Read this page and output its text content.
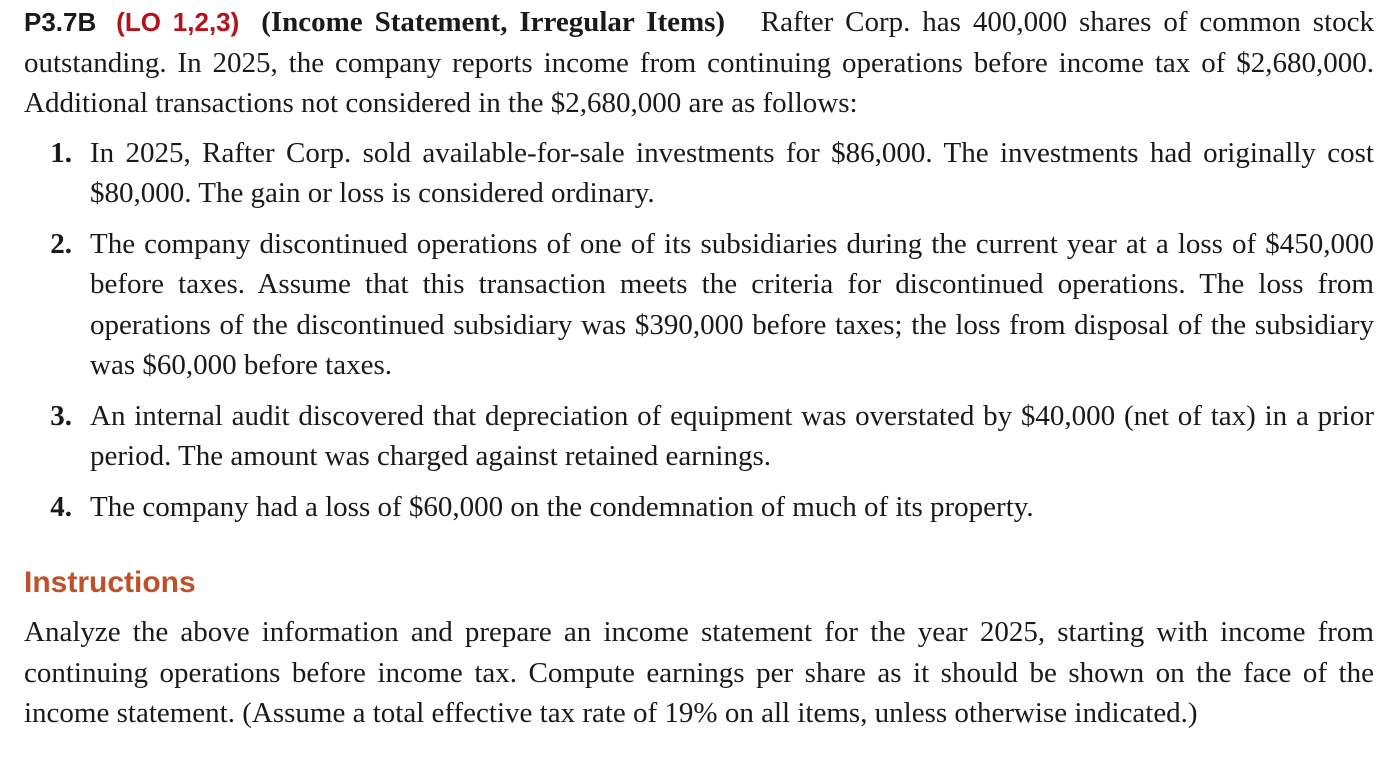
P3.7B (LO 1,2,3) (Income Statement, Irregular Items) Rafter Corp. has 400,000 shares of common stock outstanding. In 2025, the company reports income from continuing operations before income tax of $2,680,000. Additional transactions not considered in the $2,680,000 are as follows:

1. In 2025, Rafter Corp. sold available-for-sale investments for $86,000. The investments had originally cost $80,000. The gain or loss is considered ordinary.
2. The company discontinued operations of one of its subsidiaries during the current year at a loss of $450,000 before taxes. Assume that this transaction meets the criteria for discontinued operations. The loss from operations of the discontinued subsidiary was $390,000 before taxes; the loss from disposal of the subsidiary was $60,000 before taxes.
3. An internal audit discovered that depreciation of equipment was overstated by $40,000 (net of tax) in a prior period. The amount was charged against retained earnings.
4. The company had a loss of $60,000 on the condemnation of much of its property.
Instructions

Analyze the above information and prepare an income statement for the year 2025, starting with income from continuing operations before income tax. Compute earnings per share as it should be shown on the face of the income statement. (Assume a total effective tax rate of 19% on all items, unless otherwise indicated.)
